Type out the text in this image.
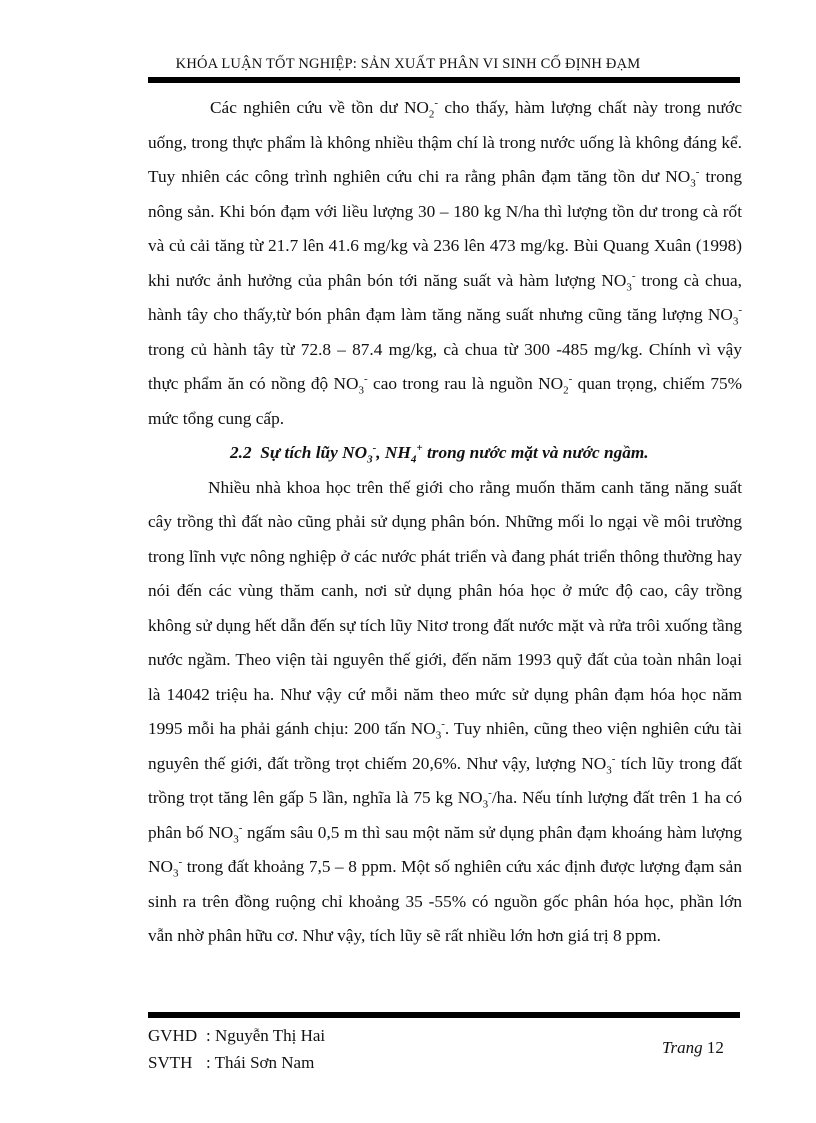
KHÓA LUẬN TỐT NGHIỆP: SẢN XUẤT PHÂN VI SINH CỐ ĐỊNH ĐẠM

Các nghiên cứu về tồn dư $NO_2^-$ cho thấy, hàm lượng chất này trong nước uống, trong thực phẩm là không nhiều thậm chí là trong nước uống là không đáng kể. Tuy nhiên các công trình nghiên cứu chi ra rằng phân đạm tăng tồn dư $NO_3^-$ trong nông sản. Khi bón đạm với liều lượng 30 – 180 kg N/ha thì lượng tồn dư trong cà rốt và củ cải tăng từ 21.7 lên 41.6 mg/kg và 236 lên 473 mg/kg. Bùi Quang Xuân (1998) khi nước ảnh hưởng của phân bón tới năng suất và hàm lượng $NO_3^-$ trong cà chua, hành tây cho thấy,từ bón phân đạm làm tăng năng suất nhưng cũng tăng lượng $NO_3^-$ trong củ hành tây từ 72.8 – 87.4 mg/kg, cà chua từ 300 -485 mg/kg. Chính vì vậy thực phẩm ăn có nồng độ $NO_3^-$ cao trong rau là nguồn $NO_2^-$ quan trọng, chiếm 75% mức tổng cung cấp.

2.2 Sự tích lũy $NO_3^-$, $NH_4^+$ trong nước mặt và nước ngầm.

Nhiều nhà khoa học trên thế giới cho rằng muốn thăm canh tăng năng suất cây trồng thì đất nào cũng phải sử dụng phân bón. Những mối lo ngại về môi trường trong lĩnh vực nông nghiệp ở các nước phát triển và đang phát triển thông thường hay nói đến các vùng thăm canh, nơi sử dụng phân hóa học ở mức độ cao, cây trồng không sử dụng hết dẫn đến sự tích lũy Nitơ trong đất nước mặt và rửa trôi xuống tầng nước ngầm. Theo viện tài nguyên thế giới, đến năm 1993 quỹ đất của toàn nhân loại là 14042 triệu ha. Như vậy cứ mỗi năm theo mức sử dụng phân đạm hóa học năm 1995 mỗi ha phải gánh chịu: 200 tấn $NO_3^-$. Tuy nhiên, cũng theo viện nghiên cứu tài nguyên thế giới, đất trồng trọt chiếm 20,6%. Như vậy, lượng $NO_3^-$ tích lũy trong đất trồng trọt tăng lên gấp 5 lần, nghĩa là 75 kg $NO_3^-/ha$. Nếu tính lượng đất trên 1 ha có phân bố $NO_3^-$ ngấm sâu 0,5 m thì sau một năm sử dụng phân đạm khoáng hàm lượng $NO_3^-$ trong đất khoảng 7,5 – 8 ppm. Một số nghiên cứu xác định được lượng đạm sản sinh ra trên đồng ruộng chỉ khoảng 35 -55% có nguồn gốc phân hóa học, phần lớn vẫn nhờ phân hữu cơ. Như vậy, tích lũy sẽ rất nhiều lớn hơn giá trị 8 ppm.

GVHD : Nguyễn Thị Hai
SVTH : Thái Sơn Nam
Trang 12
